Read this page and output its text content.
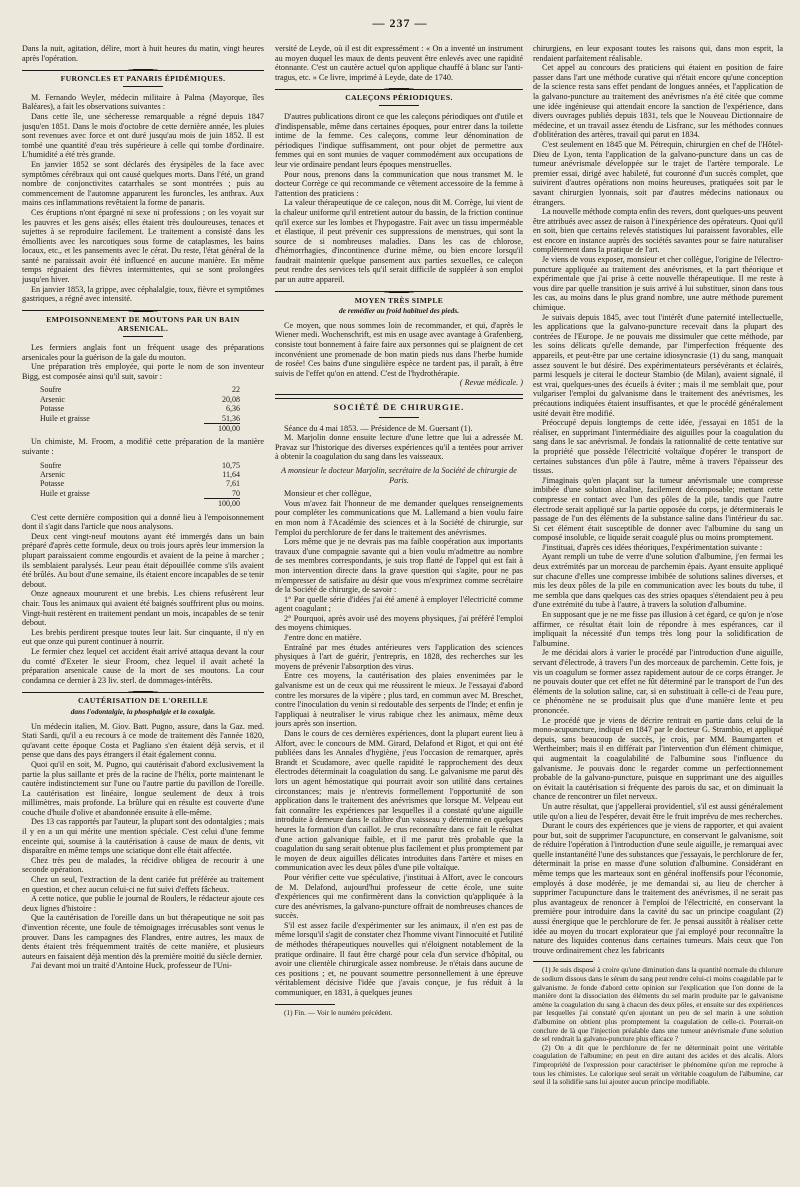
— 237 —

Dans la nuit, agitation, délire, mort à huit heures du matin, vingt heures après l'opération.

FURONCLES ET PANARIS ÉPIDÉMIQUES.

M. Fernando Weyler, médecin militaire à Palma (Mayorque, îles Baléares), a fait les observations suivantes :

Dans cette île, une sécheresse remarquable a régné depuis 1847 jusqu'en 1851. Dans le mois d'octobre de cette dernière année, les pluies sont revenues avec force et ont duré jusqu'au mois de juin 1852. Il est tombé une quantité d'eau très supérieure à celle qui tombe d'ordinaire. L'humidité a été très grande.

En janvier 1852 se sont déclarés des érysipèles de la face avec symptômes cérébraux qui ont causé quelques morts. Dans l'été, un grand nombre de conjonctivites catarrhales se sont montrées ; puis au commencement de l'automne apparurent les furoncles, les anthrax. Aux mains ces inflammations revêtaient la forme de panaris.

Ces éruptions n'ont épargné ni sexe ni professions ; on les voyait sur les pauvres et les gens aisés; elles étaient très douloureuses, tenaces et sujettes à se reproduire facilement. Le traitement a consisté dans les émollients avec les narcotiques sous forme de cataplasmes, les bains locaux, etc., et les pansements avec le cérat. Du reste, l'état général de la santé ne paraissait avoir été influencé en aucune manière. En même temps régnaient des fièvres intermittentes, qui se sont prolongées jusqu'en hiver.

En janvier 1853, la grippe, avec céphalalgie, toux, fièvre et symptômes gastriques, a régné avec intensité.

EMPOISONNEMENT DE MOUTONS PAR UN BAIN ARSENICAL.

Les fermiers anglais font un fréquent usage des préparations arsenicales pour la guérison de la gale du mouton.

Une préparation très employée, qui porte le nom de son inventeur Bigg, est composée ainsi qu'il suit, savoir :

Soufre	22
Arsenic	20,08
Potasse	6,36
Huile et graisse	51,36
	100,00

Un chimiste, M. Froom, a modifié cette préparation de la manière suivante :

Soufre	10,75
Arsenic	11,64
Potasse	7,61
Huile et graisse	70
	100,00

C'est cette dernière composition qui a donné lieu à l'empoisonnement dont il s'agit dans l'article que nous analysons.

Deux cent vingt-neuf moutons ayant été immergés dans un bain préparé d'après cette formule, deux ou trois jours après leur immersion la plupart paraissaient comme engourdis et avaient de la peine à marcher ; ils semblaient paralysés. Leur peau était dépouillée comme s'ils avaient été brûlés. Au bout d'une semaine, ils étaient encore incapables de se tenir debout.

Onze agneaux moururent et une brebis. Les chiens refusèrent leur chair. Tous les animaux qui avaient été baignés souffrirent plus ou moins. Vingt-huit restèrent en traitement pendant un mois, incapables de se tenir debout.

Les brebis perdirent presque toutes leur lait. Sur cinquante, il n'y en eut que onze qui purent continuer à nourrir.

Le fermier chez lequel cet accident était arrivé attaqua devant la cour du comté d'Exeter le sieur Froom, chez lequel il avait acheté la préparation arsenicale cause de la mort de ses moutons. La cour condamna ce dernier à 23 liv. sterl. de dommages-intérêts.

CAUTÉRISATION DE L'OREILLE
dans l'odontalgie, la phosphalgie et la coxalgie.

Un médecin italien, M. Giov. Batt. Pugno, assure, dans la Gaz. med. Stati Sardi, qu'il a eu recours à ce mode de traitement dès l'année 1820, qu'avant cette époque Costa et Pagliano s'en étaient déjà servis, et il pense que dans des pays étrangers il était également connu.

Quoi qu'il en soit, M. Pugno, qui cautérisait d'abord exclusivement la partie la plus saillante et près de la racine de l'hélix, porte maintenant le cautère indistinctement sur l'une ou l'autre partie du pavillon de l'oreille. La cautérisation est linéaire, longue seulement de deux à trois millimètres, mais profonde. La brûlure qui en résulte est couverte d'une couche d'huile d'olive et abandonnée ensuite à elle-même.

Des 13 cas rapportés par l'auteur, la plupart sont des odontalgies ; mais il y en a un qui mérite une mention spéciale. C'est celui d'une femme enceinte qui, soumise à la cautérisation à cause de maux de dents, vit disparaître en même temps une sciatique dont elle était affectée.

Chez très peu de malades, la récidive obligea de recourir à une seconde opération.

Chez un seul, l'extraction de la dent cariée fut préférée au traitement en question, et chez aucun celui-ci ne fut suivi d'effets fâcheux.

A cette notice, que publie le journal de Roulers, le rédacteur ajoute ces deux lignes d'histoire :

Que la cautérisation de l'oreille dans un but thérapeutique ne soit pas d'invention récente, une foule de témoignages irrécusables sont venus le prouver. Dans les campagnes des Flandres, entre autres, les maux de dents étaient très fréquemment traités de cette manière, et plusieurs auteurs en faisaient déjà mention dès la première moitié du siècle dernier.

J'ai devant moi un traité d'Antoine Huck, professeur de l'Uni-

versité de Leyde, où il est dit expressément : « On a inventé un instrument au moyen duquel les maux de dents peuvent être enlevés avec une rapidité étonnante. C'est un cautère actuel qu'on applique chauffé à blanc sur l'anti-tragus, etc. » Ce livre, imprimé à Leyde, date de 1740.

CALEÇONS PÉRIODIQUES.

D'autres publications diront ce que les caleçons périodiques ont d'utile et d'indispensable, même dans certaines époques, pour entrer dans la toilette intime de la femme. Ces caleçons, comme leur dénomination de périodiques l'indique suffisamment, ont pour objet de permettre aux femmes qui en sont munies de vaquer commodément aux occupations de leur vie ordinaire pendant leurs époques menstruelles.

Pour nous, prenons dans la communication que nous transmet M. le docteur Corrège ce qui recommande ce vêtement accessoire de la femme à l'attention des praticiens :

La valeur thérapeutique de ce caleçon, nous dit M. Corrège, lui vient de la chaleur uniforme qu'il entretient autour du bassin, de la friction continue qu'il exerce sur les lombes et l'hypogastre. Fait avec un tissu imperméable et élastique, il peut prévenir ces suppressions de menstrues, qui sont la source de si nombreuses maladies. Dans les cas de chlorose, d'hémorrhagies, d'incontinence d'urine même, ou bien encore lorsqu'il faudrait maintenir quelque pansement aux parties sexuelles, ce caleçon peut rendre des services tels qu'il serait difficile de suppléer à son emploi par un autre appareil.

MOYEN TRÈS SIMPLE
de remédier au froid habituel des pieds.

Ce moyen, que nous sommes loin de recommander, et qui, d'après le Wiener medi. Wochenschrift, est mis en usage avec avantage à Grafenberg, consiste tout bonnement à faire faire aux personnes qui se plaignent de cet inconvénient une promenade de bon matin pieds nus dans l'herbe humide de rosée! Ces bains d'une singulière espèce ne tardent pas, il paraît, à être suivis de l'effet qu'on en attend. C'est de l'hydrothérapie.

( Revue médicale. )

SOCIÉTÉ DE CHIRURGIE.

Séance du 4 mai 1853. — Présidence de M. Guersant (1).

M. Marjolin donne ensuite lecture d'une lettre que lui a adressée M. Pravaz sur l'historique des diverses expériences qu'il a tentées pour arriver à obtenir la coagulation du sang dans les vaisseaux.

A monsieur le docteur Marjolin, secrétaire de la Société de chirurgie de Paris.

Monsieur et cher collègue,

Vous m'avez fait l'honneur de me demander quelques renseignements pour compléter les communications que M. Lallemand a bien voulu faire en mon nom à l'Académie des sciences et à la Société de chirurgie, sur l'emploi du perchlorure de fer dans le traitement des anévrismes.

Lors même que je ne devrais pas ma faible coopération aux importants travaux d'une compagnie savante qui a bien voulu m'admettre au nombre de ses membres correspondants, je suis trop flatté de l'appel qui est fait à mon intervention directe dans la grave question qui s'agite, pour ne pas m'empresser de satisfaire au désir que vous m'exprimez comme secrétaire de la Société de chirurgie, de savoir :

1° Par quelle série d'idées j'ai été amené à employer l'électricité comme agent coagulant ;

2° Pourquoi, après avoir usé des moyens physiques, j'ai préféré l'emploi des moyens chimiques.

J'entre donc en matière.

Entraîné par mes études antérieures vers l'application des sciences physiques à l'art de guérir, j'entrepris, en 1828, des recherches sur les moyens de prévenir l'absorption des virus.

Entre ces moyens, la cautérisation des plaies envenimées par le galvanisme est un de ceux qui me réussirent le mieux. Je l'essayai d'abord contre les morsures de la vipère ; plus tard, en commun avec M. Breschet, contre l'inoculation du venin si redoutable des serpents de l'Inde; et enfin je l'appliquai à neutraliser le virus rabique chez les animaux, même deux jours après son insertion.

Dans le cours de ces dernières expériences, dont la plupart eurent lieu à Alfort, avec le concours de MM. Girard, Delafond et Rigot, et qui ont été publiées dans les Annales d'hygiène, j'eus l'occasion de remarquer, après Brandt et Scudamore, avec quelle rapidité le rapprochement des deux électrodes déterminait la coagulation du sang. Le galvanisme me parut dès lors un agent hémostatique qui pourrait avoir son utilité dans certaines circonstances; mais je n'entrevis formellement l'opportunité de son application dans le traitement des anévrismes que lorsque M. Velpeau eut fait connaître les expériences par lesquelles il a constaté qu'une aiguille introduite à demeure dans le calibre d'un vaisseau y détermine en quelques heures la formation d'un caillot. Je crus reconnaître dans ce fait le résultat d'une action galvanique faible, et il me parut très probable que la coagulation du sang serait obtenue plus facilement et plus promptement par le moyen de deux aiguilles délicates introduites dans l'artère et mises en communication avec les deux pôles d'une pile voltaïque.

Pour vérifier cette vue spéculative, j'instituai à Alfort, avec le concours de M. Delafond, aujourd'hui professeur de cette école, une suite d'expériences qui me confirmèrent dans la conviction qu'appliquée à la cure des anévrismes, la galvano-puncture offrait de nombreuses chances de succès.

S'il est assez facile d'expérimenter sur les animaux, il n'en est pas de même lorsqu'il s'agit de constater chez l'homme vivant l'innocuité et l'utilité de méthodes thérapeutiques nouvelles qui n'éloignent notablement de la pratique ordinaire. Il faut être chargé pour cela d'un service d'hôpital, ou avoir une clientèle chirurgicale assez nombreuse. Je n'étais dans aucune de ces positions ; et, ne pouvant soumettre personnellement à une épreuve véritablement décisive l'idée que j'avais conçue, je fus réduit à la communiquer, en 1831, à quelques jeunes

(1) Fin. — Voir le numéro précédent.

chirurgiens, en leur exposant toutes les raisons qui, dans mon esprit, la rendaient parfaitement réalisable.

Cet appel au concours des praticiens qui étaient en position de faire passer dans l'art une méthode curative qui n'était encore qu'une conception de la science resta sans effet pendant de longues années, et l'application de la galvano-puncture au traitement des anévrismes n'a été citée que comme une idée ingénieuse qui attendait encore la sanction de l'expérience, dans divers ouvrages publiés depuis 1831, tels que le Nouveau Dictionnaire de médecine, et un travail assez étendu de Lisfranc, sur les méthodes connues d'oblitération des artères, travail qui parut en 1834.

C'est seulement en 1845 que M. Pétrequin, chirurgien en chef de l'Hôtel-Dieu de Lyon, tenta l'application de la galvano-puncture dans un cas de tumeur anévrismale développée sur le trajet de l'artère temporale. Le premier essai, dirigé avec habileté, fut couronné d'un succès complet, que suivirent d'autres opérations non moins heureuses, pratiquées soit par le savant chirurgien lyonnais, soit par d'autres médecins nationaux ou étrangers.

La nouvelle méthode compta enfin des revers, dont quelques-uns peuvent être attribués avec assez de raison à l'inexpérience des opérateurs. Quoi qu'il en soit, bien que certains relevés statistiques lui paraissent favorables, elle est encore en instance auprès des sociétés savantes pour se faire naturaliser complètement dans la pratique de l'art.

Je viens de vous exposer, monsieur et cher collègue, l'origine de l'électro-puncture appliquée au traitement des anévrismes, et la part théorique et expérimentale que j'ai prise à cette nouvelle thérapeutique. Il me reste à vous dire par quelle transition je suis arrivé à lui substituer, sinon dans tous les cas, au moins dans le plus grand nombre, une autre méthode purement chimique.

Je suivais depuis 1845, avec tout l'intérêt d'une paternité intellectuelle, les applications que la galvano-puncture recevait dans la plupart des contrées de l'Europe. Je ne pouvais me dissimuler que cette méthode, par les soins délicats qu'elle demande, par l'imperfection fréquente des appareils, et peut-être par une certaine idiosyncrasie (1) du sang, manquait assez souvent le but désiré. Des expérimentateurs persévérants et éclairés, parmi lesquels je citerai le docteur Stambio (de Milan), avaient signalé, il est vrai, quelques-unes des écueils à éviter ; mais il me semblait que, pour vulgariser l'emploi du galvanisme dans le traitement des anévrismes, les précautions indiquées étaient insuffisantes, et que le procédé généralement usité devait être modifié.

Préoccupé depuis longtemps de cette idée, j'essayai en 1851 de la réaliser, en supprimant l'intermédiaire des aiguilles pour la coagulation du sang dans le sac anévrismal. Je fondais la rationnalité de cette tentative sur la propriété que possède l'électricité voltaïque d'opérer le transport de certaines substances d'un pôle à l'autre, même à travers l'épaisseur des tissus.

J'imaginais qu'en plaçant sur la tumeur anévrismale une compresse imbibée d'une solution alcaline, facilement décomposable; mettant cette compresse en contact avec l'un des pôles de la pile, tandis que l'autre électrode serait appliqué sur la partie opposée du corps, je déterminerais le passage de l'un des éléments de la substance saline dans l'intérieur du sac. Si cet élément était susceptible de donner avec l'albumine du sang un composé insoluble, ce liquide serait coagulé plus ou moins promptement.

J'instituai, d'après ces idées théoriques, l'expérimentation suivante :

Ayant rempli un tube de verre d'une solution d'albumine, j'en fermai les deux extrémités par un morceau de parchemin épais. Ayant ensuite appliqué sur chacune d'elles une compresse imbibée de solutions salines diverses, et mis les deux pôles de la pile en communication avec les bouts du tube, il me sembla que dans quelques cas des stries opaques s'étendaient peu à peu d'une extrémité du tube à l'autre, à travers la solution d'albumine.

En supposant que je ne me fisse pas illusion à cet égard, ce qu'on je n'ose affirmer, ce résultat était loin de répondre à mes espérances, car il impliquait la nécessité d'un temps très long pour la solidification de l'albumine.

Je me décidai alors à varier le procédé par l'introduction d'une aiguille, servant d'électrode, à travers l'un des morceaux de parchemin. Cette fois, je vis un coagulum se former assez rapidement autour de ce corps étranger. Je ne pouvais douter que cet effet ne fût déterminé par le transport de l'un des éléments de la solution saline, car, si en substituait à celle-ci de l'eau pure, ce phénomène ne se produisait plus que d'une manière lente et peu prononcée.

Le procédé que je viens de décrire rentrait en partie dans celui de la mono-acupuncture, indiqué en 1847 par le docteur G. Strambio, et appliqué depuis, sans beaucoup de succès, je crois, par MM. Baumgarten et Wertheimber; mais il en différait par l'intervention d'un élément chimique, qui augmentait la coagulabilité de l'albumine sous l'influence du galvanisme. Je pouvais donc le regarder comme un perfectionnement probable de la galvano-puncture, puisque en supprimant une des aiguilles on évitait la cautérisation si fréquente des parois du sac, et on diminuait la chance de rencontrer un filet nerveux.

Un autre résultat, que j'appellerai providentiel, s'il est aussi généralement utile qu'on a lieu de l'espérer, devait être le fruit imprévu de mes recherches.

Durant le cours des expériences que je viens de rapporter, et qui avaient pour but, soit de supprimer l'acupuncture, en conservant le galvanisme, soit de réduire l'opération à l'introduction d'une seule aiguille, je remarquai avec quelle instantanéité l'une des substances que j'essayais, le perchlorure de fer, déterminait la prise en masse d'une solution d'albumine. Considérant en même temps que les marteaux sont en général inoffensifs pour l'économie, employés à dose modérée, je me demandai si, au lieu de chercher à supprimer l'acupuncture dans le traitement des anévrismes, il ne serait pas plus avantageux de renoncer à l'emploi de l'électricité, en conservant la première pour introduire dans la cavité du sac un principe coagulant (2) aussi énergique que le perchlorure de fer. Je pensai aussitôt à réaliser cette idée au moyen du trocart explorateur que j'ai employé pour reconnaître la nature des liquides contenus dans certaines tumeurs. Mais ceux que l'on trouve ordinairement chez les fabricants

(1) Je suis disposé à croire qu'une diminution dans la quantité normale du chlorure de sodium dissous dans le sérum du sang peut rendre celui-ci moins coagulable par le galvanisme. Je fonde d'abord cette opinion sur l'explication que l'on donne de la manière dont la dissociation des éléments du sel marin produite par le galvanisme amène la coagulation du sang à chacun des deux pôles, et ensuite sur des expériences par lesquelles j'ai constaté qu'en ajoutant un peu de sel marin à une solution d'albumine on obtient plus promptement la coagulation de celle-ci. Pourrait-on conclure de là que l'injection préalable dans une tumeur anévrismale d'une solution de sel rendrait la galvano-puncture plus efficace ?

(2) On a dit que le perchlorure de fer ne déterminait point une véritable coagulation de l'albumine; en peut en dire autant des acides et des alcalis. Alors l'impropriété de l'expression pour caractériser le phénomène qu'on me reproche à tous les chimistes. Le calorique seul serait un véritable coagulum de l'albumine, car seul il la solidifie sans lui ajouter aucun principe modifiable.
